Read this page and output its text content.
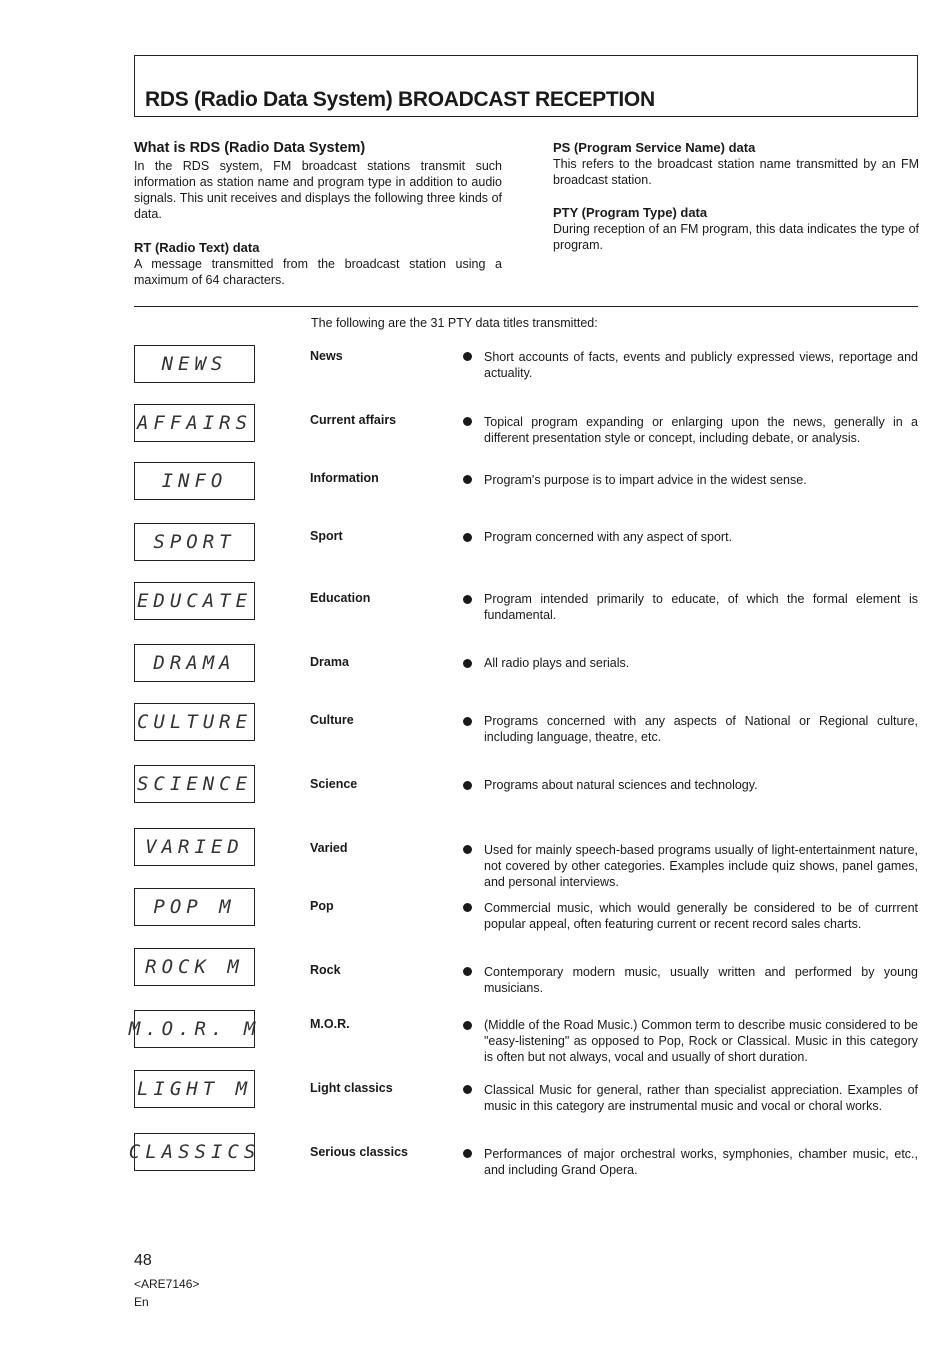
RDS (Radio Data System) BROADCAST RECEPTION
What is RDS (Radio Data System)
In the RDS system, FM broadcast stations transmit such information as station name and program type in addition to audio signals. This unit receives and displays the following three kinds of data.
RT (Radio Text) data
A message transmitted from the broadcast station using a maximum of 64 characters.
PS (Program Service Name) data
This refers to the broadcast station name transmitted by an FM broadcast station.
PTY (Program Type) data
During reception of an FM program, this data indicates the type of program.
The following are the 31 PTY data titles transmitted:
NEWS	News	Short accounts of facts, events and publicly expressed views, reportage and actuality.
AFFAIRS	Current affairs	Topical program expanding or enlarging upon the news, generally in a different presentation style or concept, including debate, or analysis.
INFO	Information	Program's purpose is to impart advice in the widest sense.
SPORT	Sport	Program concerned with any aspect of sport.
EDUCATE	Education	Program intended primarily to educate, of which the formal element is fundamental.
DRAMA	Drama	All radio plays and serials.
CULTURE	Culture	Programs concerned with any aspects of National or Regional culture, including language, theatre, etc.
SCIENCE	Science	Programs about natural sciences and technology.
VARIED	Varied	Used for mainly speech-based programs usually of light-entertainment nature, not covered by other categories. Examples include quiz shows, panel games, and personal interviews.
POP M	Pop	Commercial music, which would generally be considered to be of currrent popular appeal, often featuring current or recent record sales charts.
ROCK M	Rock	Contemporary modern music, usually written and performed by young musicians.
M.O.R. M	M.O.R.	(Middle of the Road Music.) Common term to describe music considered to be "easy-listening" as opposed to Pop, Rock or Classical. Music in this category is often but not always, vocal and usually of short duration.
LIGHT M	Light classics	Classical Music for general, rather than specialist appreciation. Examples of music in this category are instrumental music and vocal or choral works.
CLASSICS	Serious classics	Performances of major orchestral works, symphonies, chamber music, etc., and including Grand Opera.
48
<ARE7146>
En
